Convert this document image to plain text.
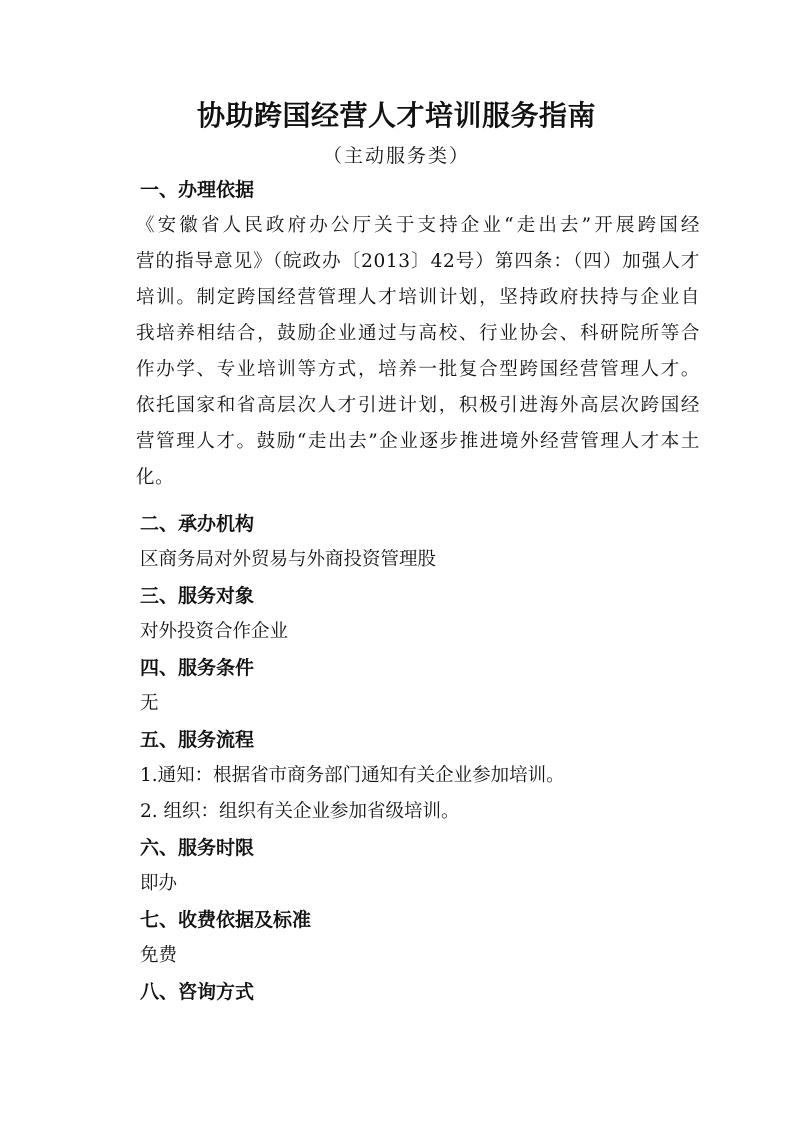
协助跨国经营人才培训服务指南
（主动服务类）
一、办理依据
《安徽省人民政府办公厅关于支持企业“走出去”开展跨国经
营的指导意见》（皖政办〔2013〕42号）第四条：（四）加强人才
培训。制定跨国经营管理人才培训计划，坚持政府扶持与企业自
我培养相结合，鼓励企业通过与高校、行业协会、科研院所等合
作办学、专业培训等方式，培养一批复合型跨国经营管理人才。
依托国家和省高层次人才引进计划，积极引进海外高层次跨国经
营管理人才。鼓励“走出去”企业逐步推进境外经营管理人才本土
化。
二、承办机构
区商务局对外贸易与外商投资管理股
三、服务对象
对外投资合作企业
四、服务条件
无
五、服务流程
1.通知：根据省市商务部门通知有关企业参加培训。
2. 组织：组织有关企业参加省级培训。
六、服务时限
即办
七、收费依据及标准
免费
八、咨询方式
